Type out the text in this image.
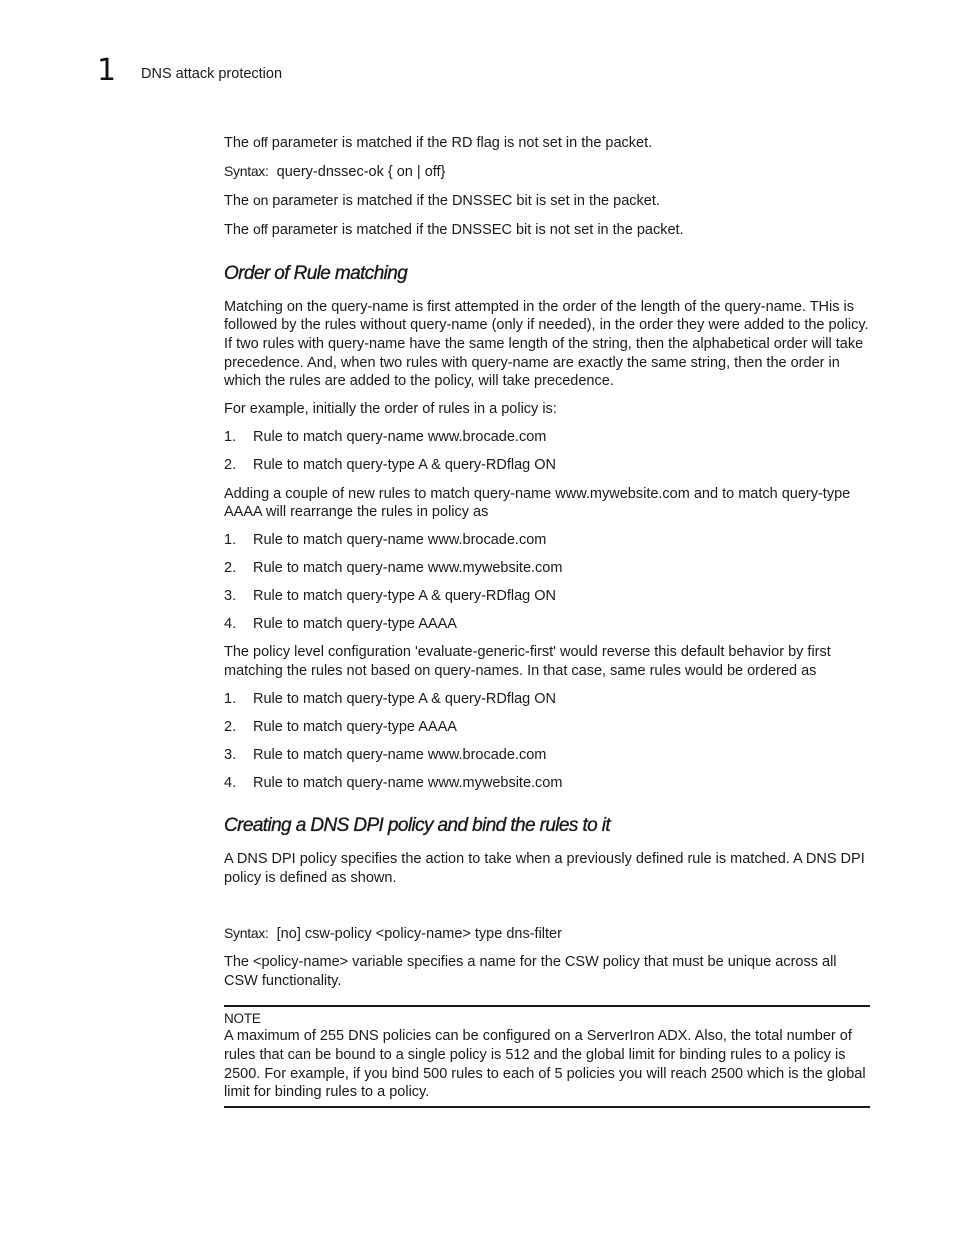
1 DNS attack protection

The off parameter is matched if the RD flag is not set in the packet.

Syntax: query-dnssec-ok { on | off}

The on parameter is matched if the DNSSEC bit is set in the packet.

The off parameter is matched if the DNSSEC bit is not set in the packet.

Order of Rule matching

Matching on the query-name is first attempted in the order of the length of the query-name. THis is followed by the rules without query-name (only if needed), in the order they were added to the policy. If two rules with query-name have the same length of the string, then the alphabetical order will take precedence. And, when two rules with query-name are exactly the same string, then the order in which the rules are added to the policy, will take precedence.

For example, initially the order of rules in a policy is:

1. Rule to match query-name www.brocade.com
2. Rule to match query-type A & query-RDflag ON

Adding a couple of new rules to match query-name www.mywebsite.com and to match query-type AAAA will rearrange the rules in policy as

1. Rule to match query-name www.brocade.com
2. Rule to match query-name www.mywebsite.com
3. Rule to match query-type A & query-RDflag ON
4. Rule to match query-type AAAA

The policy level configuration 'evaluate-generic-first' would reverse this default behavior by first matching the rules not based on query-names. In that case, same rules would be ordered as

1. Rule to match query-type A & query-RDflag ON
2. Rule to match query-type AAAA
3. Rule to match query-name www.brocade.com
4. Rule to match query-name www.mywebsite.com
Creating a DNS DPI policy and bind the rules to it

A DNS DPI policy specifies the action to take when a previously defined rule is matched. A DNS DPI policy is defined as shown.

Syntax: [no] csw-policy <policy-name> type dns-filter

The <policy-name> variable specifies a name for the CSW policy that must be unique across all CSW functionality.

NOTE

A maximum of 255 DNS policies can be configured on a ServerIron ADX. Also, the total number of rules that can be bound to a single policy is 512 and the global limit for binding rules to a policy is 2500. For example, if you bind 500 rules to each of 5 policies you will reach 2500 which is the global limit for binding rules to a policy.
